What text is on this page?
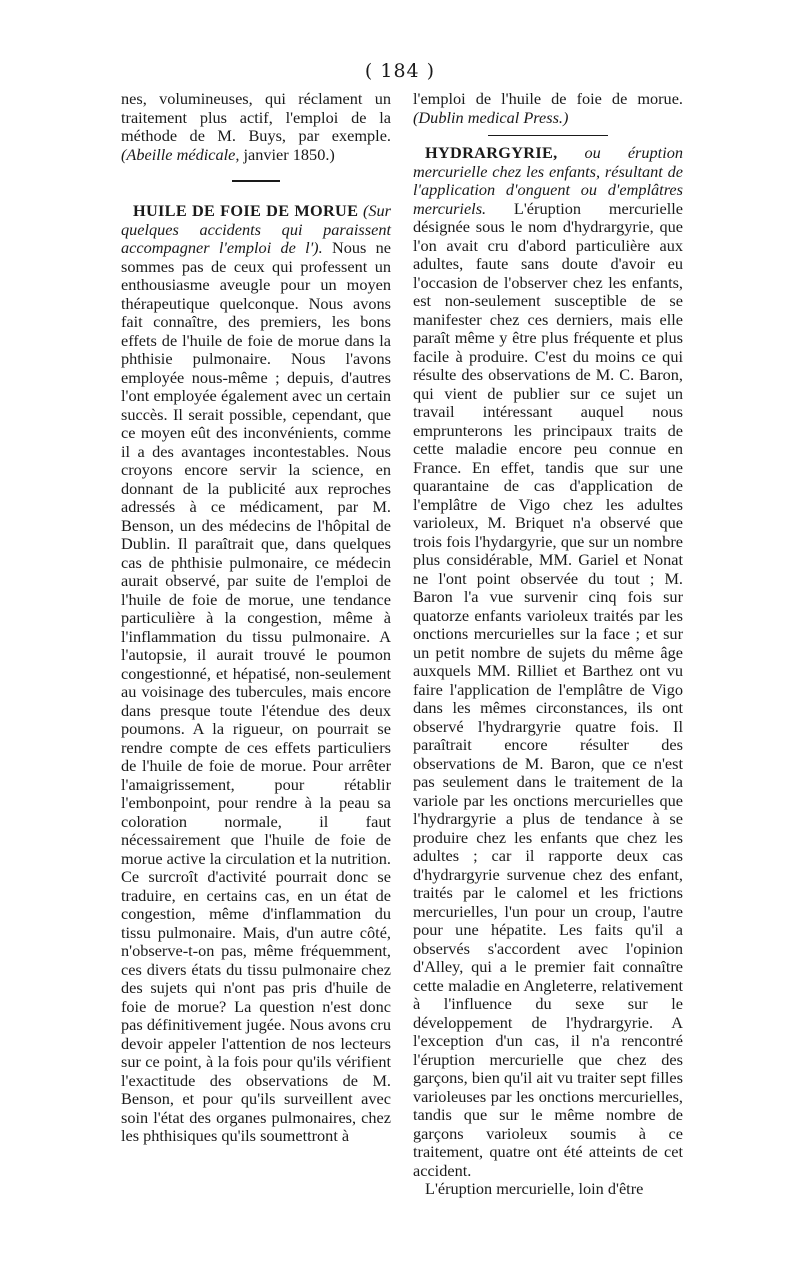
( 184 )

nes, volumineuses, qui réclament un traitement plus actif, l'emploi de la méthode de M. Buys, par exemple. (Abeille médicale, janvier 1850.)

HUILE DE FOIE DE MORUE (Sur quelques accidents qui paraissent accompagner l'emploi de l'). Nous ne sommes pas de ceux qui professent un enthousiasme aveugle pour un moyen thérapeutique quelconque. Nous avons fait connaître, des premiers, les bons effets de l'huile de foie de morue dans la phthisie pulmonaire. Nous l'avons employée nous-même ; depuis, d'autres l'ont employée également avec un certain succès. Il serait possible, cependant, que ce moyen eût des inconvénients, comme il a des avantages incontestables. Nous croyons encore servir la science, en donnant de la publicité aux reproches adressés à ce médicament, par M. Benson, un des médecins de l'hôpital de Dublin. Il paraîtrait que, dans quelques cas de phthisie pulmonaire, ce médecin aurait observé, par suite de l'emploi de l'huile de foie de morue, une tendance particulière à la congestion, même à l'inflammation du tissu pulmonaire. A l'autopsie, il aurait trouvé le poumon congestionné, et hépatisé, non-seulement au voisinage des tubercules, mais encore dans presque toute l'étendue des deux poumons. A la rigueur, on pourrait se rendre compte de ces effets particuliers de l'huile de foie de morue. Pour arrêter l'amaigrissement, pour rétablir l'embonpoint, pour rendre à la peau sa coloration normale, il faut nécessairement que l'huile de foie de morue active la circulation et la nutrition. Ce surcroît d'activité pourrait donc se traduire, en certains cas, en un état de congestion, même d'inflammation du tissu pulmonaire. Mais, d'un autre côté, n'observe-t-on pas, même fréquemment, ces divers états du tissu pulmonaire chez des sujets qui n'ont pas pris d'huile de foie de morue? La question n'est donc pas définitivement jugée. Nous avons cru devoir appeler l'attention de nos lecteurs sur ce point, à la fois pour qu'ils vérifient l'exactitude des observations de M. Benson, et pour qu'ils surveillent avec soin l'état des organes pulmonaires, chez les phthisiques qu'ils soumettront à

l'emploi de l'huile de foie de morue. (Dublin medical Press.)

HYDRARGYRIE, ou éruption mercurielle chez les enfants, résultant de l'application d'onguent ou d'emplâtres mercuriels. L'éruption mercurielle désignée sous le nom d'hydrargyrie, que l'on avait cru d'abord particulière aux adultes, faute sans doute d'avoir eu l'occasion de l'observer chez les enfants, est non-seulement susceptible de se manifester chez ces derniers, mais elle paraît même y être plus fréquente et plus facile à produire. C'est du moins ce qui résulte des observations de M. C. Baron, qui vient de publier sur ce sujet un travail intéressant auquel nous emprunterons les principaux traits de cette maladie encore peu connue en France. En effet, tandis que sur une quarantaine de cas d'application de l'emplâtre de Vigo chez les adultes varioleux, M. Briquet n'a observé que trois fois l'hydargyrie, que sur un nombre plus considérable, MM. Gariel et Nonat ne l'ont point observée du tout ; M. Baron l'a vue survenir cinq fois sur quatorze enfants varioleux traités par les onctions mercurielles sur la face ; et sur un petit nombre de sujets du même âge auxquels MM. Rilliet et Barthez ont vu faire l'application de l'emplâtre de Vigo dans les mêmes circonstances, ils ont observé l'hydrargyrie quatre fois. Il paraîtrait encore résulter des observations de M. Baron, que ce n'est pas seulement dans le traitement de la variole par les onctions mercurielles que l'hydrargyrie a plus de tendance à se produire chez les enfants que chez les adultes ; car il rapporte deux cas d'hydrargyrie survenue chez des enfant, traités par le calomel et les frictions mercurielles, l'un pour un croup, l'autre pour une hépatite. Les faits qu'il a observés s'accordent avec l'opinion d'Alley, qui a le premier fait connaître cette maladie en Angleterre, relativement à l'influence du sexe sur le développement de l'hydrargyrie. A l'exception d'un cas, il n'a rencontré l'éruption mercurielle que chez des garçons, bien qu'il ait vu traiter sept filles varioleuses par les onctions mercurielles, tandis que sur le même nombre de garçons varioleux soumis à ce traitement, quatre ont été atteints de cet accident.

L'éruption mercurielle, loin d'être
